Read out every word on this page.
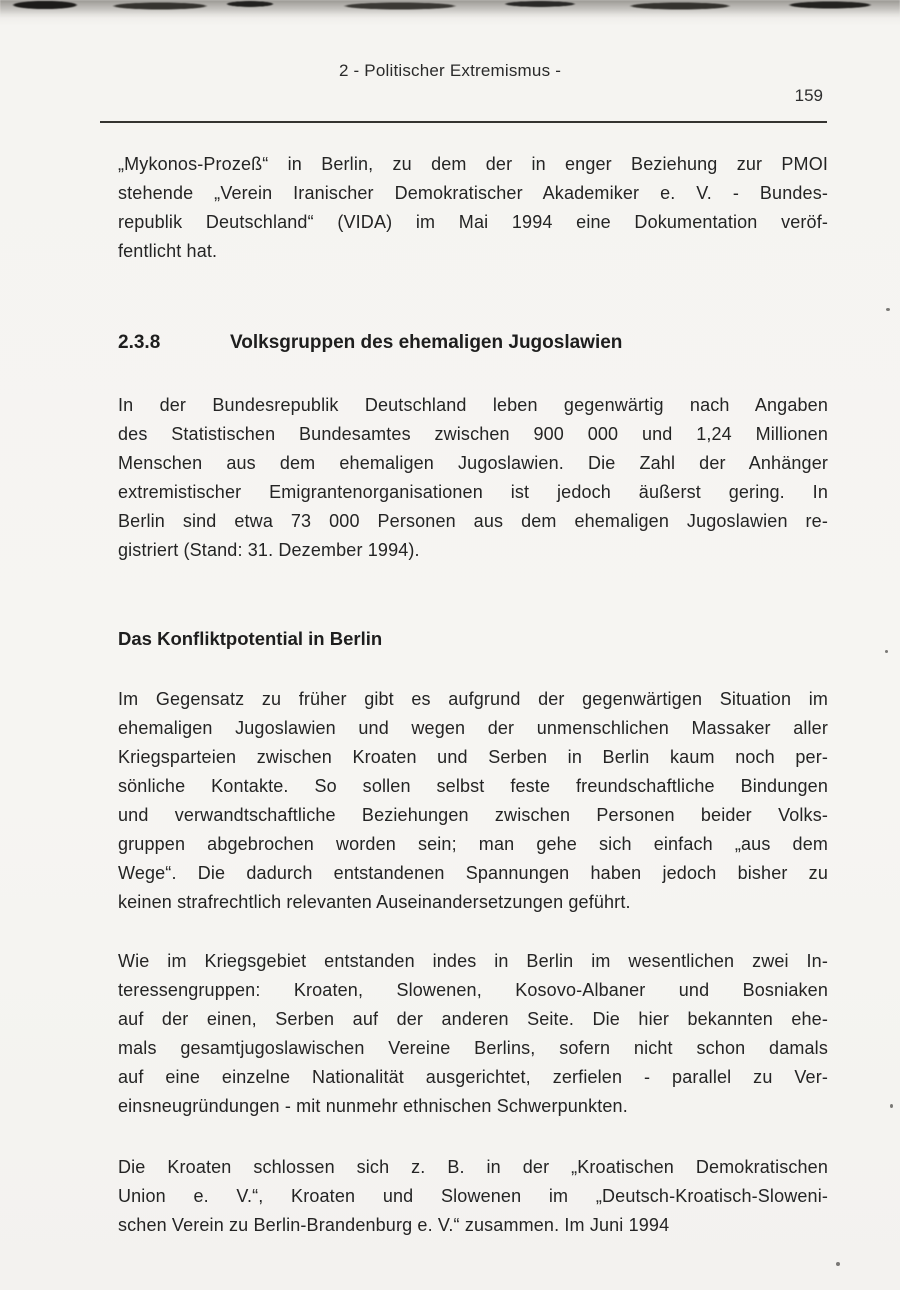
2 - Politischer Extremismus -
159

„Mykonos-Prozeß“ in Berlin, zu dem der in enger Beziehung zur PMOI
stehende „Verein Iranischer Demokratischer Akademiker e. V. - Bundes-
republik Deutschland“ (VIDA) im Mai 1994 eine Dokumentation veröf-
fentlicht hat.

2.3.8	Volksgruppen des ehemaligen Jugoslawien

In der Bundesrepublik Deutschland leben gegenwärtig nach Angaben
des Statistischen Bundesamtes zwischen 900 000 und 1,24 Millionen
Menschen aus dem ehemaligen Jugoslawien. Die Zahl der Anhänger
extremistischer Emigrantenorganisationen ist jedoch äußerst gering. In
Berlin sind etwa 73 000 Personen aus dem ehemaligen Jugoslawien re-
gistriert (Stand: 31. Dezember 1994).

Das Konfliktpotential in Berlin

Im Gegensatz zu früher gibt es aufgrund der gegenwärtigen Situation im
ehemaligen Jugoslawien und wegen der unmenschlichen Massaker aller
Kriegsparteien zwischen Kroaten und Serben in Berlin kaum noch per-
sönliche Kontakte. So sollen selbst feste freundschaftliche Bindungen
und verwandtschaftliche Beziehungen zwischen Personen beider Volks-
gruppen abgebrochen worden sein; man gehe sich einfach „aus dem
Wege“. Die dadurch entstandenen Spannungen haben jedoch bisher zu
keinen strafrechtlich relevanten Auseinandersetzungen geführt.

Wie im Kriegsgebiet entstanden indes in Berlin im wesentlichen zwei In-
teressengruppen: Kroaten, Slowenen, Kosovo-Albaner und Bosniaken
auf der einen, Serben auf der anderen Seite. Die hier bekannten ehe-
mals gesamtjugoslawischen Vereine Berlins, sofern nicht schon damals
auf eine einzelne Nationalität ausgerichtet, zerfielen - parallel zu Ver-
einsneugründungen - mit nunmehr ethnischen Schwerpunkten.

Die Kroaten schlossen sich z. B. in der „Kroatischen Demokratischen
Union e. V.“, Kroaten und Slowenen im „Deutsch-Kroatisch-Sloweni-
schen Verein zu Berlin-Brandenburg e. V.“ zusammen. Im Juni 1994
